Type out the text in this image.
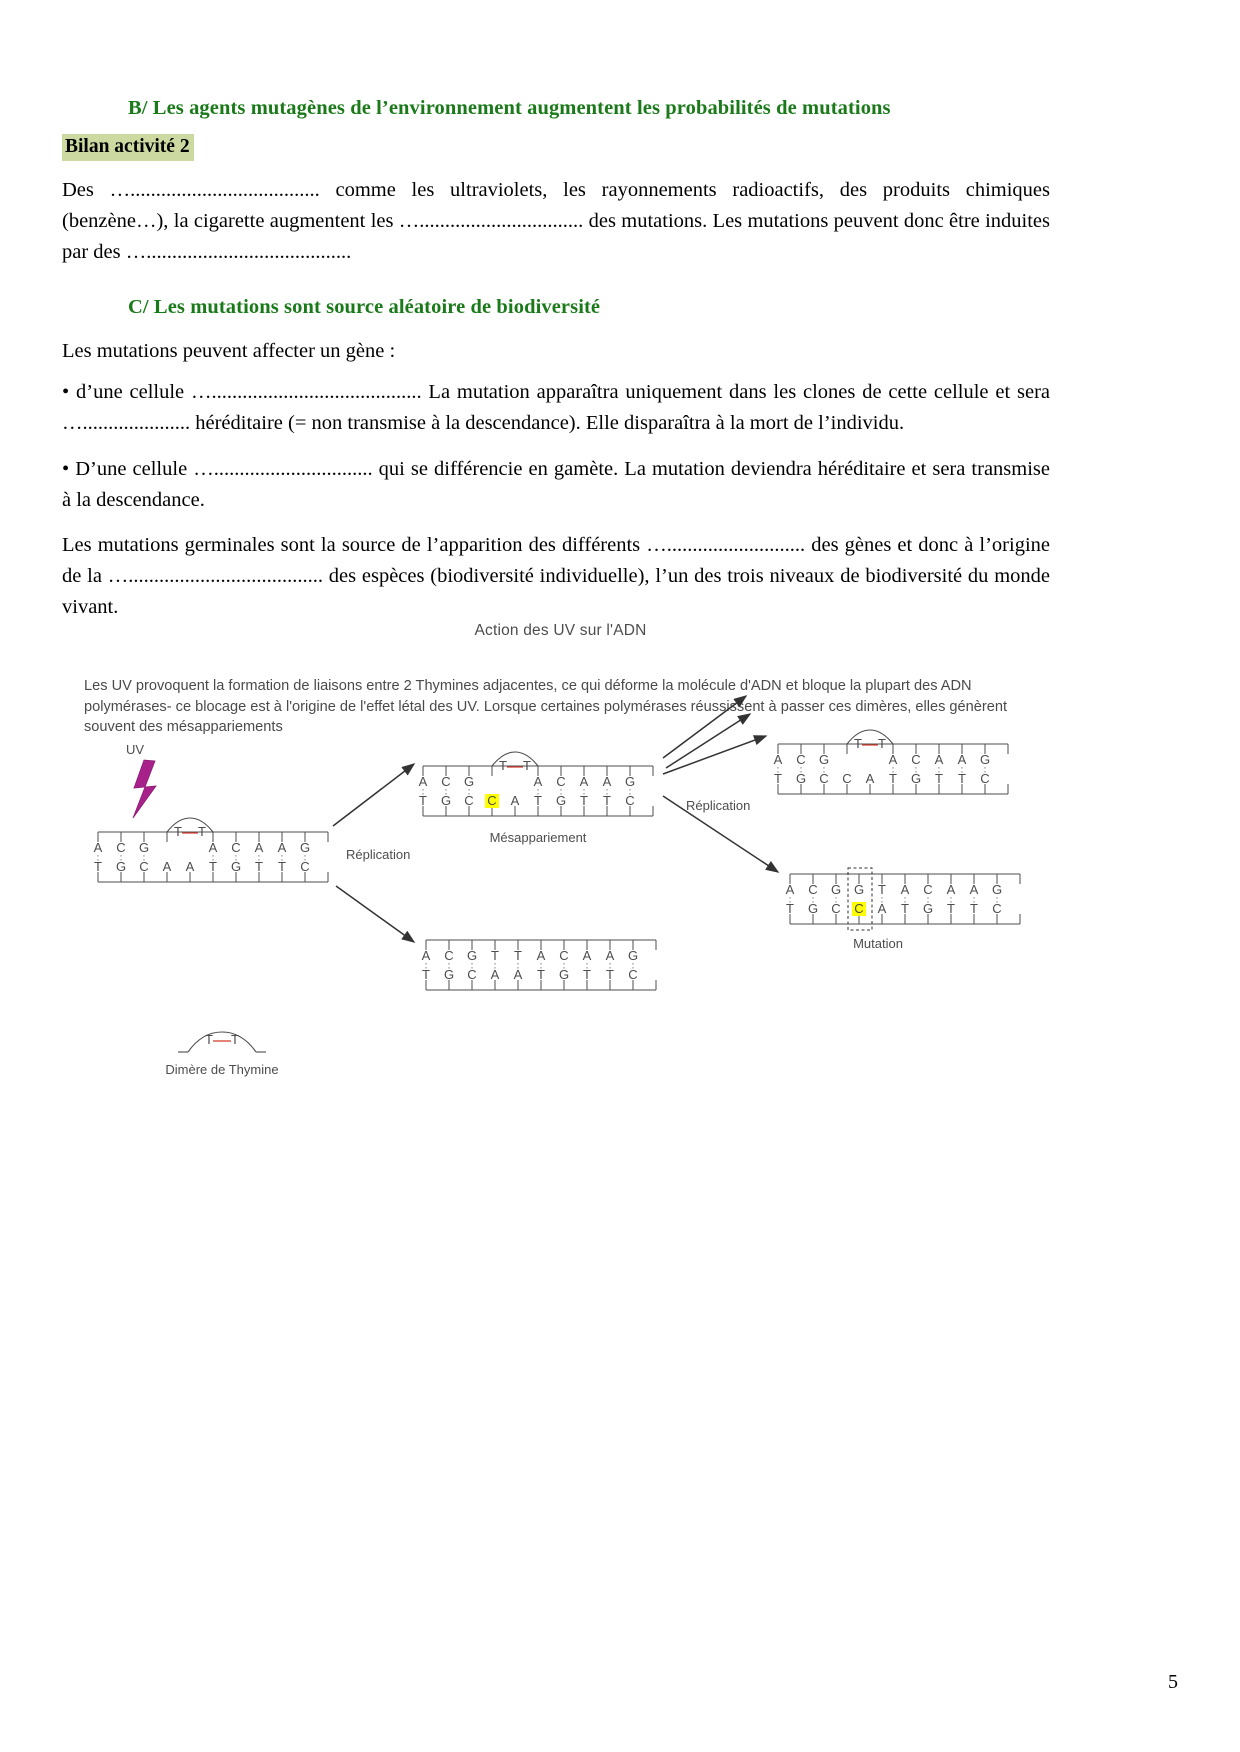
B/ Les agents mutagènes de l’environnement augmentent les probabilités de mutations
Bilan activité 2

Des …..................................... comme les ultraviolets, les rayonnements radioactifs, des produits chimiques (benzène…), la cigarette augmentent les …................................ des mutations. Les mutations peuvent donc être induites par des …........................................

C/ Les mutations sont source aléatoire de biodiversité

Les mutations peuvent affecter un gène :

• d’une cellule …......................................... La mutation apparaîtra uniquement dans les clones de cette cellule et sera …..................... héréditaire (= non transmise à la descendance). Elle disparaîtra à la mort de l’individu.

• D’une cellule …............................... qui se différencie en gamète. La mutation deviendra héréditaire et sera transmise à la descendance.

Les mutations germinales sont la source de l’apparition des différents …........................... des gènes et donc à l’origine de la …...................................... des espèces (biodiversité individuelle), l’un des trois niveaux de biodiversité du monde vivant.

Action des UV sur l'ADN
Les UV provoquent la formation de liaisons entre 2 Thymines adjacentes, ce qui déforme la molécule d'ADN et bloque la plupart des ADN polymérases- ce blocage est à l'origine de l'effet létal des UV. Lorsque certaines polymérases réussissent à passer ces dimères, elles génèrent souvent des mésappariements
UV
A C G
T T
A C A A G
T G C A A T G T T C
Réplication
A C G
T T
A C A A G
T G C C A T G T T C
Mésappariement
A C G T T A C A A G
T G C A A T G T T C
A C G
T T
A C A A G
T G C C A T G T T C
Réplication
A C G G T A C A A G
T G C C A T G T T C
Mutation
T T
Dimère de Thymine
5
